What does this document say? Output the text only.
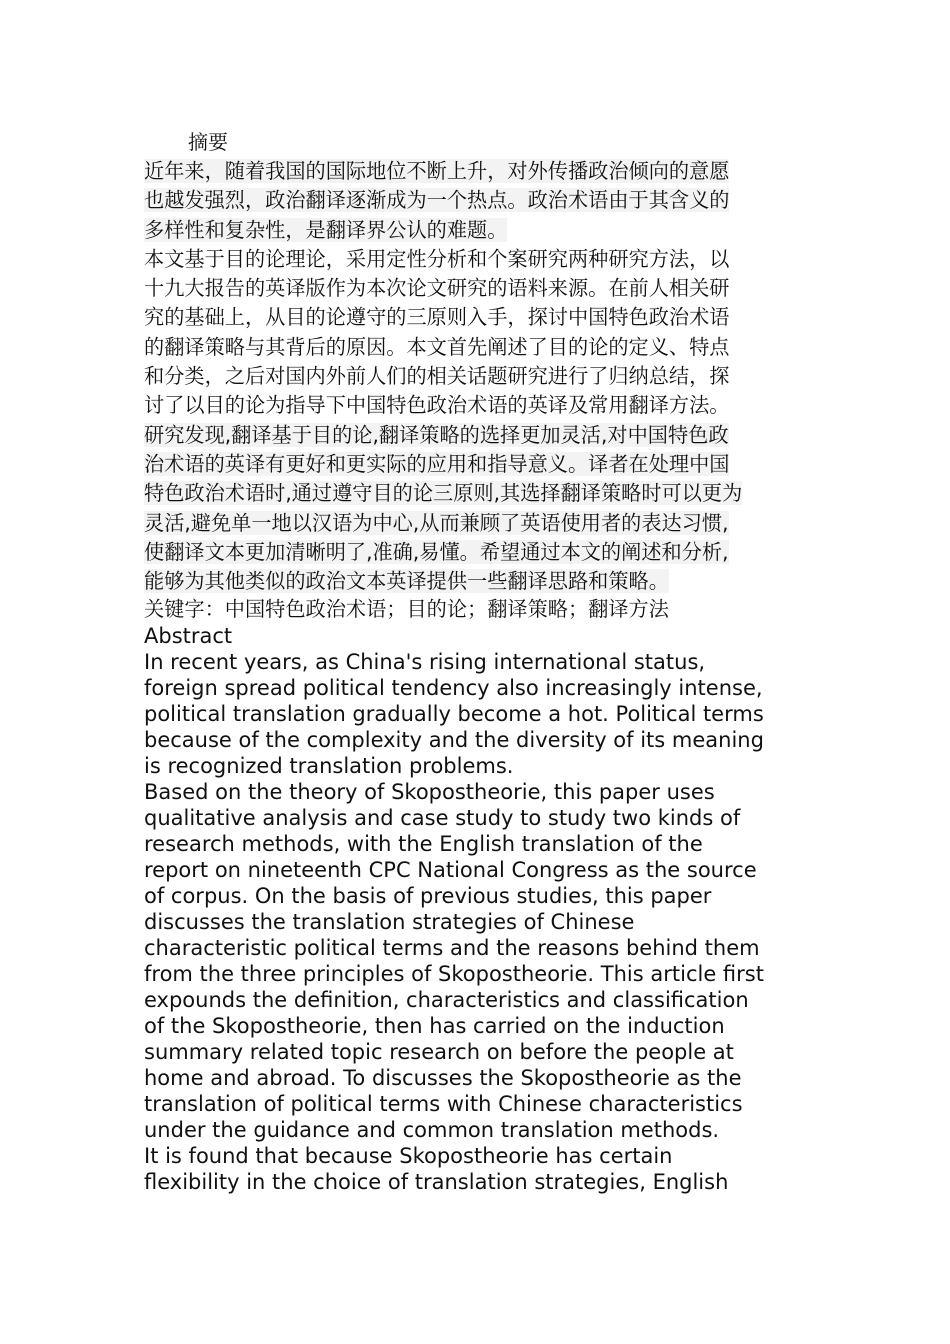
摘要

近年来，随着我国的国际地位不断上升，对外传播政治倾向的意愿
也越发强烈，政治翻译逐渐成为一个热点。政治术语由于其含义的
多样性和复杂性，是翻译界公认的难题。

本文基于目的论理论，采用定性分析和个案研究两种研究方法，以
十九大报告的英译版作为本次论文研究的语料来源。在前人相关研
究的基础上，从目的论遵守的三原则入手，探讨中国特色政治术语
的翻译策略与其背后的原因。本文首先阐述了目的论的定义、特点
和分类，之后对国内外前人们的相关话题研究进行了归纳总结，探
讨了以目的论为指导下中国特色政治术语的英译及常用翻译方法。

研究发现,翻译基于目的论,翻译策略的选择更加灵活,对中国特色政
治术语的英译有更好和更实际的应用和指导意义。译者在处理中国
特色政治术语时,通过遵守目的论三原则,其选择翻译策略时可以更为
灵活,避免单一地以汉语为中心,从而兼顾了英语使用者的表达习惯,
使翻译文本更加清晰明了,准确,易懂。希望通过本文的阐述和分析,
能够为其他类似的政治文本英译提供一些翻译思路和策略。

关键字：中国特色政治术语；目的论；翻译策略；翻译方法

Abstract

In recent years, as China's rising international status,
foreign spread political tendency also increasingly intense,
political translation gradually become a hot. Political terms
because of the complexity and the diversity of its meaning
is recognized translation problems.

Based on the theory of Skopostheorie, this paper uses
qualitative analysis and case study to study two kinds of
research methods, with the English translation of the
report on nineteenth CPC National Congress as the source
of corpus. On the basis of previous studies, this paper
discusses the translation strategies of Chinese
characteristic political terms and the reasons behind them
from the three principles of Skopostheorie. This article first
expounds the definition, characteristics and classification
of the Skopostheorie, then has carried on the induction
summary related topic research on before the people at
home and abroad. To discusses the Skopostheorie as the
translation of political terms with Chinese characteristics
under the guidance and common translation methods.

It is found that because Skopostheorie has certain
flexibility in the choice of translation strategies, English
